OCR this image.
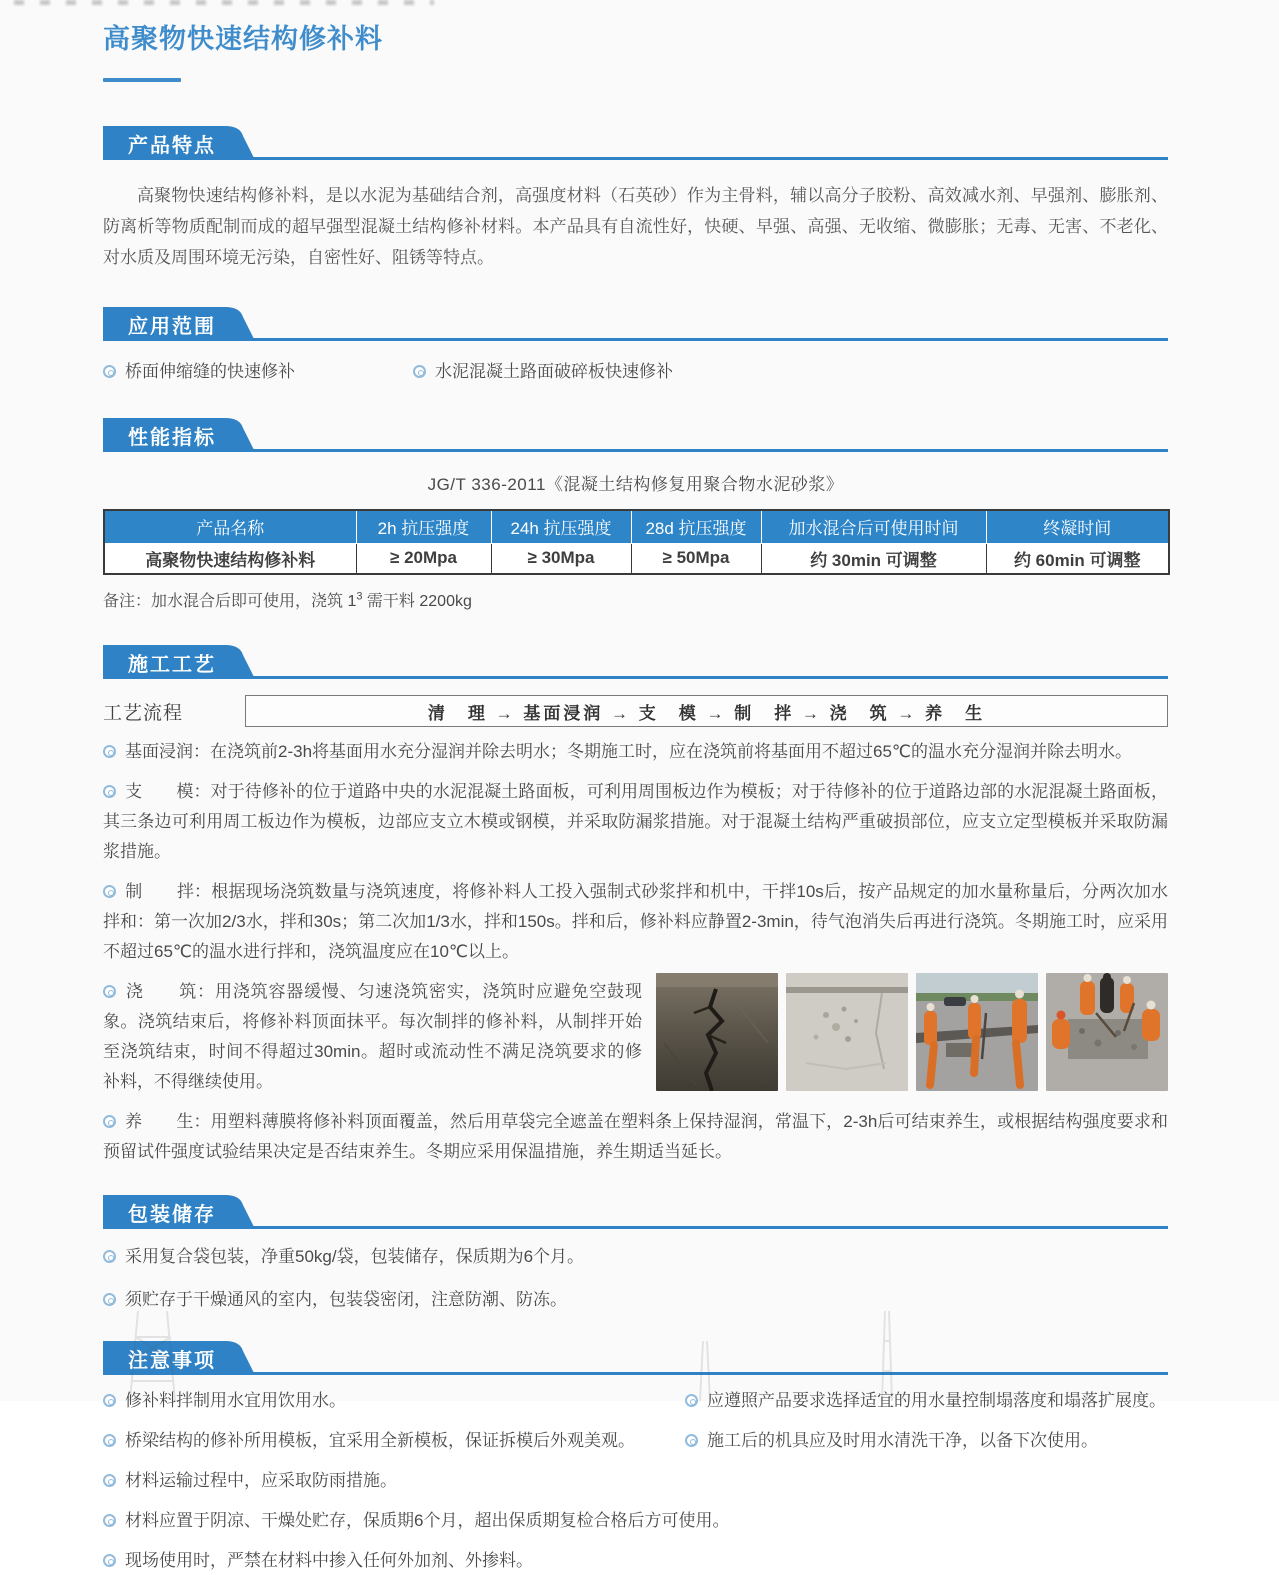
高聚物快速结构修补料
产品特点

高聚物快速结构修补料，是以水泥为基础结合剂，高强度材料（石英砂）作为主骨料，辅以高分子胶粉、高效减水剂、早强剂、膨胀剂、防离析等物质配制而成的超早强型混凝土结构修补材料。本产品具有自流性好，快硬、早强、高强、无收缩、微膨胀；无毒、无害、不老化、对水质及周围环境无污染，自密性好、阻锈等特点。

应用范围
桥面伸缩缝的快速修补	水泥混凝土路面破碎板快速修补
性能指标
JG/T 336-2011《混凝土结构修复用聚合物水泥砂浆》
产品名称	2h 抗压强度	24h 抗压强度	28d 抗压强度	加水混合后可使用时间	终凝时间
高聚物快速结构修补料	≥ 20Mpa	≥ 30Mpa	≥ 50Mpa	约 30min 可调整	约 60min 可调整

备注：加水混合后即可使用，浇筑 $1^3$ 需干料 2200kg

施工工艺
工艺流程	清　理 → 基面浸润 → 支　模 → 制　拌 → 浇　筑 → 养　生

基面浸润：在浇筑前2-3h将基面用水充分湿润并除去明水；冬期施工时，应在浇筑前将基面用不超过65℃的温水充分湿润并除去明水。

支　　模：对于待修补的位于道路中央的水泥混凝土路面板，可利用周围板边作为模板；对于待修补的位于道路边部的水泥混凝土路面板，其三条边可利用周工板边作为模板，边部应支立木模或钢模，并采取防漏浆措施。对于混凝土结构严重破损部位，应支立定型模板并采取防漏浆措施。

制　　拌：根据现场浇筑数量与浇筑速度，将修补料人工投入强制式砂浆拌和机中，干拌10s后，按产品规定的加水量称量后，分两次加水拌和：第一次加2/3水，拌和30s；第二次加1/3水，拌和150s。拌和后，修补料应静置2-3min，待气泡消失后再进行浇筑。冬期施工时，应采用不超过65℃的温水进行拌和，浇筑温度应在10℃以上。

浇　　筑：用浇筑容器缓慢、匀速浇筑密实，浇筑时应避免空鼓现象。浇筑结束后，将修补料顶面抹平。每次制拌的修补料，从制拌开始至浇筑结束，时间不得超过30min。超时或流动性不满足浇筑要求的修补料，不得继续使用。

养　　生：用塑料薄膜将修补料顶面覆盖，然后用草袋完全遮盖在塑料条上保持湿润，常温下，2-3h后可结束养生，或根据结构强度要求和预留试件强度试验结果决定是否结束养生。冬期应采用保温措施，养生期适当延长。

包装储存

采用复合袋包装，净重50kg/袋，包装储存，保质期为6个月。

须贮存于干燥通风的室内，包装袋密闭，注意防潮、防冻。

注意事项

修补料拌制用水宜用饮用水。	应遵照产品要求选择适宜的用水量控制塌落度和塌落扩展度。

桥梁结构的修补所用模板，宜采用全新模板，保证拆模后外观美观。	施工后的机具应及时用水清洗干净，以备下次使用。

材料运输过程中，应采取防雨措施。

材料应置于阴凉、干燥处贮存，保质期6个月，超出保质期复检合格后方可使用。

现场使用时，严禁在材料中掺入任何外加剂、外掺料。
